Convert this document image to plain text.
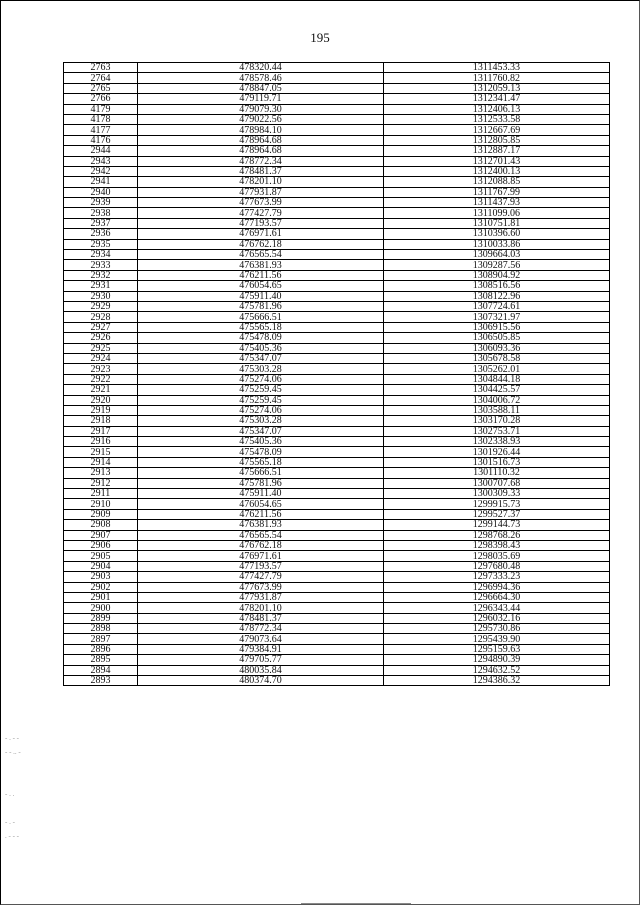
195
2763	478320.44	1311453.33
2764	478578.46	1311760.82
2765	478847.05	1312059.13
2766	479119.71	1312341.47
4179	479079.30	1312406.13
4178	479022.56	1312533.58
4177	478984.10	1312667.69
4176	478964.68	1312805.85
2944	478964.68	1312887.17
2943	478772.34	1312701.43
2942	478481.37	1312400.13
2941	478201.10	1312088.85
2940	477931.87	1311767.99
2939	477673.99	1311437.93
2938	477427.79	1311099.06
2937	477193.57	1310751.81
2936	476971.61	1310396.60
2935	476762.18	1310033.86
2934	476565.54	1309664.03
2933	476381.93	1309287.56
2932	476211.56	1308904.92
2931	476054.65	1308516.56
2930	475911.40	1308122.96
2929	475781.96	1307724.61
2928	475666.51	1307321.97
2927	475565.18	1306915.56
2926	475478.09	1306505.85
2925	475405.36	1306093.36
2924	475347.07	1305678.58
2923	475303.28	1305262.01
2922	475274.06	1304844.18
2921	475259.45	1304425.57
2920	475259.45	1304006.72
2919	475274.06	1303588.11
2918	475303.28	1303170.28
2917	475347.07	1302753.71
2916	475405.36	1302338.93
2915	475478.09	1301926.44
2914	475565.18	1301516.73
2913	475666.51	1301110.32
2912	475781.96	1300707.68
2911	475911.40	1300309.33
2910	476054.65	1299915.73
2909	476211.56	1299527.37
2908	476381.93	1299144.73
2907	476565.54	1298768.26
2906	476762.18	1298398.43
2905	476971.61	1298035.69
2904	477193.57	1297680.48
2903	477427.79	1297333.23
2902	477673.99	1296994.36
2901	477931.87	1296664.30
2900	478201.10	1296343.44
2899	478481.37	1296032.16
2898	478772.34	1295730.86
2897	479073.64	1295439.90
2896	479384.91	1295159.63
2895	479705.77	1294890.39
2894	480035.84	1294632.52
2893	480374.70	1294386.32
- . - -
- - .. -

- . .

- . -
. - - -
